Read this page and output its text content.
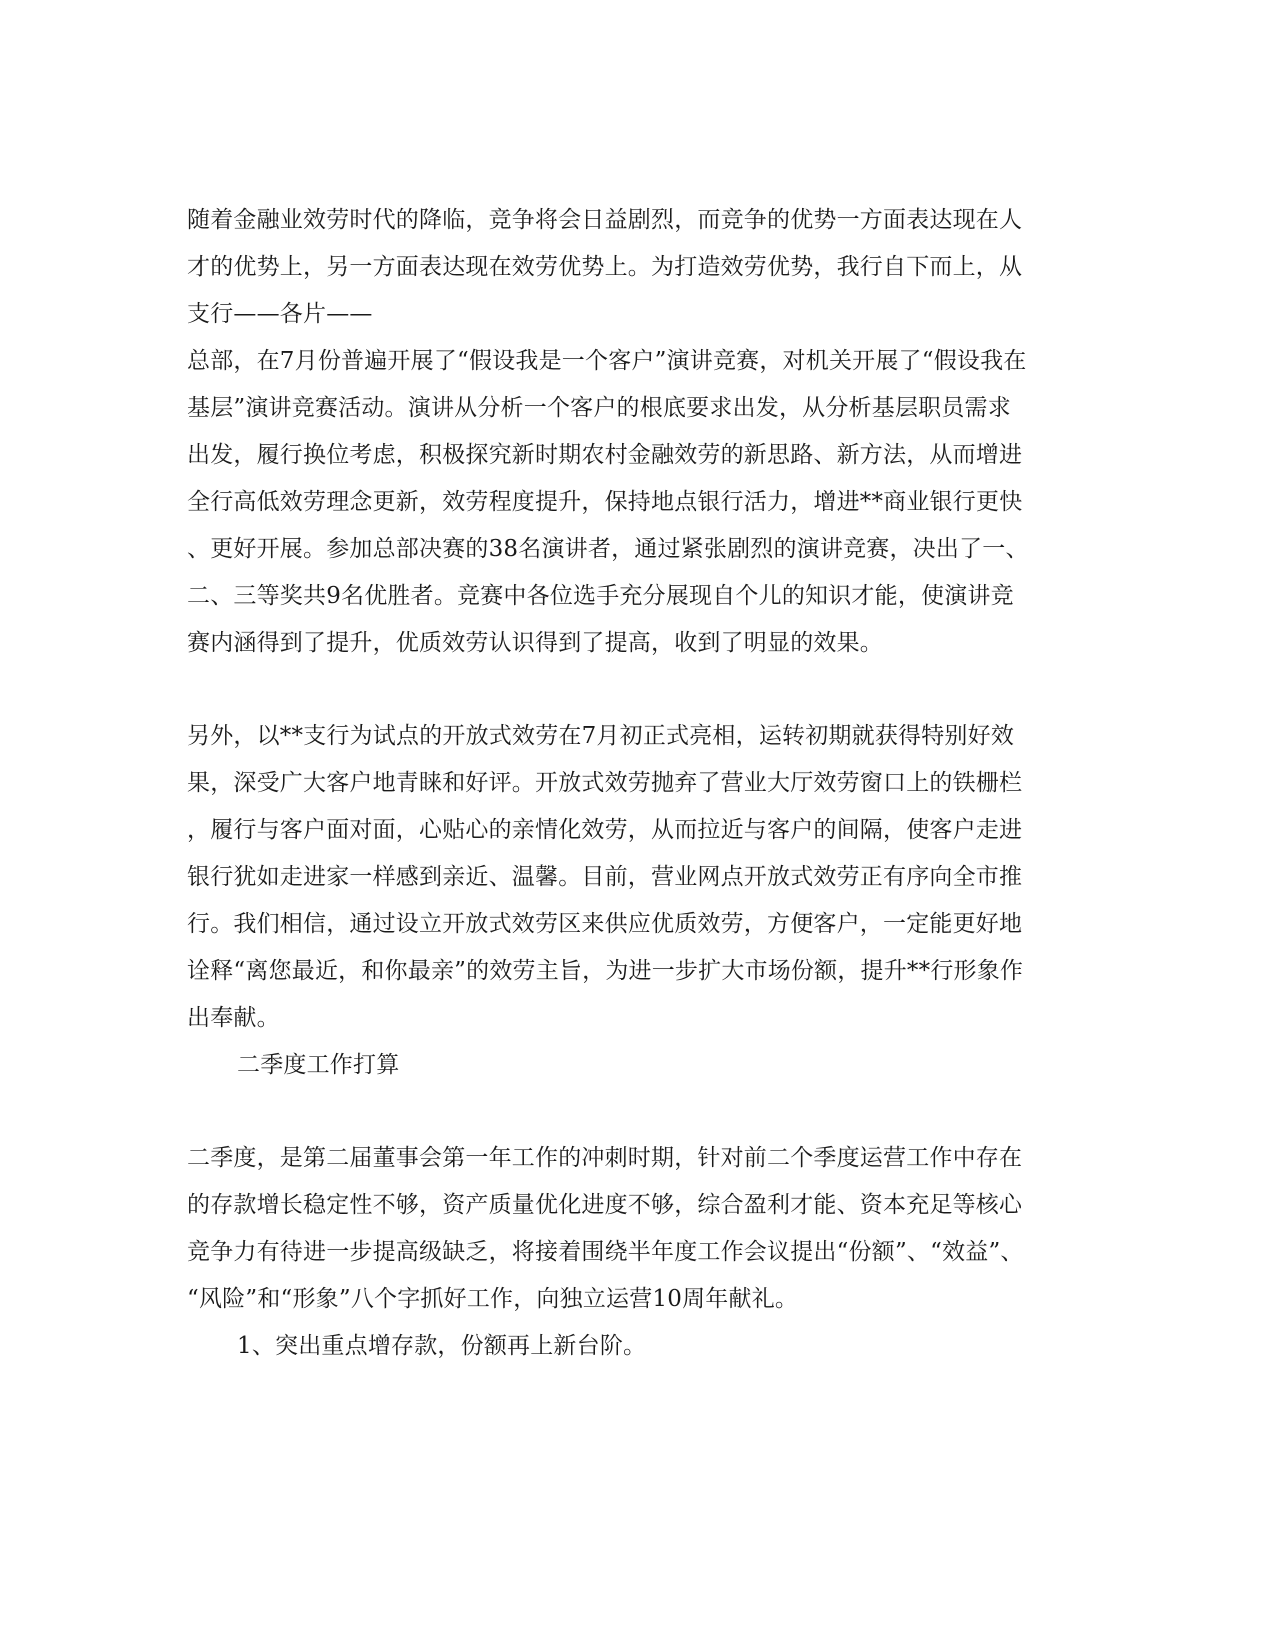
随着金融业效劳时代的降临，竞争将会日益剧烈，而竞争的优势一方面表达现在人
才的优势上，另一方面表达现在效劳优势上。为打造效劳优势，我行自下而上，从
支行——各片——
总部，在7月份普遍开展了“假设我是一个客户”演讲竞赛，对机关开展了“假设我在
基层”演讲竞赛活动。演讲从分析一个客户的根底要求出发，从分析基层职员需求
出发，履行换位考虑，积极探究新时期农村金融效劳的新思路、新方法，从而增进
全行高低效劳理念更新，效劳程度提升，保持地点银行活力，增进**商业银行更快
、更好开展。参加总部决赛的38名演讲者，通过紧张剧烈的演讲竞赛，决出了一、
二、三等奖共9名优胜者。竞赛中各位选手充分展现自个儿的知识才能，使演讲竞
赛内涵得到了提升，优质效劳认识得到了提高，收到了明显的效果。
另外，以**支行为试点的开放式效劳在7月初正式亮相，运转初期就获得特别好效
果，深受广大客户地青睐和好评。开放式效劳抛弃了营业大厅效劳窗口上的铁栅栏
，履行与客户面对面，心贴心的亲情化效劳，从而拉近与客户的间隔，使客户走进
银行犹如走进家一样感到亲近、温馨。目前，营业网点开放式效劳正有序向全市推
行。我们相信，通过设立开放式效劳区来供应优质效劳，方便客户，一定能更好地
诠释“离您最近，和你最亲”的效劳主旨，为进一步扩大市场份额，提升**行形象作
出奉献。
二季度工作打算
二季度，是第二届董事会第一年工作的冲刺时期，针对前二个季度运营工作中存在
的存款增长稳定性不够，资产质量优化进度不够，综合盈利才能、资本充足等核心
竞争力有待进一步提高级缺乏，将接着围绕半年度工作会议提出“份额”、“效益”、
“风险”和“形象”八个字抓好工作，向独立运营10周年献礼。
1、突出重点增存款，份额再上新台阶。
